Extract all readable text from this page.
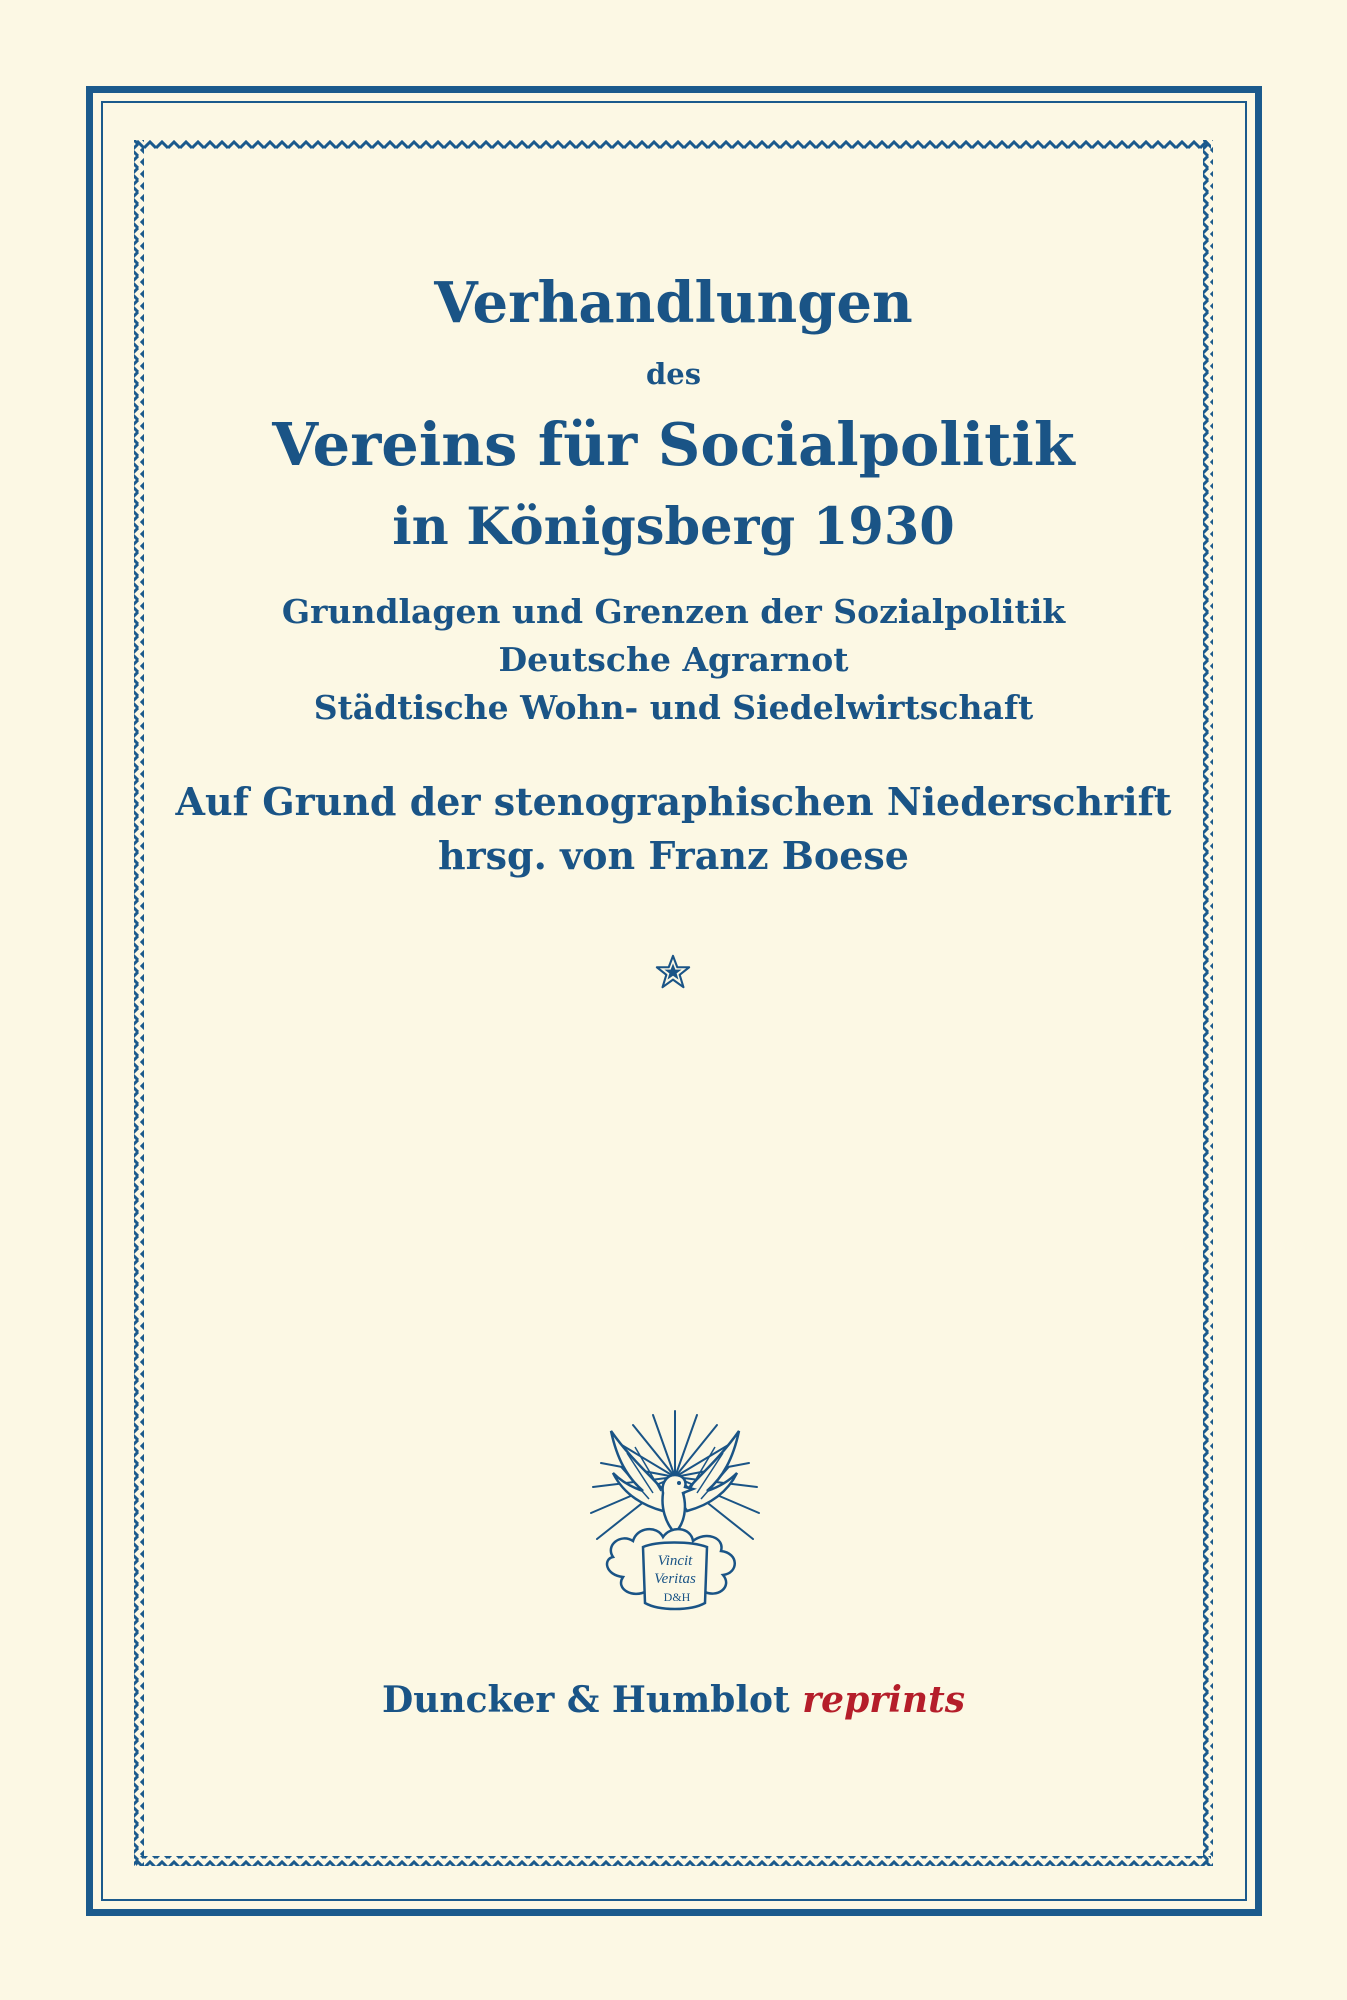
Verhandlungen
des
Vereins für Socialpolitik
in Königsberg 1930
Grundlagen und Grenzen der Sozialpolitik
Deutsche Agrarnot
Städtische Wohn- und Siedelwirtschaft
Auf Grund der stenographischen Niederschrift
hrsg. von Franz Boese
Vincit
Veritas
D&H
Duncker & Humblot reprints
